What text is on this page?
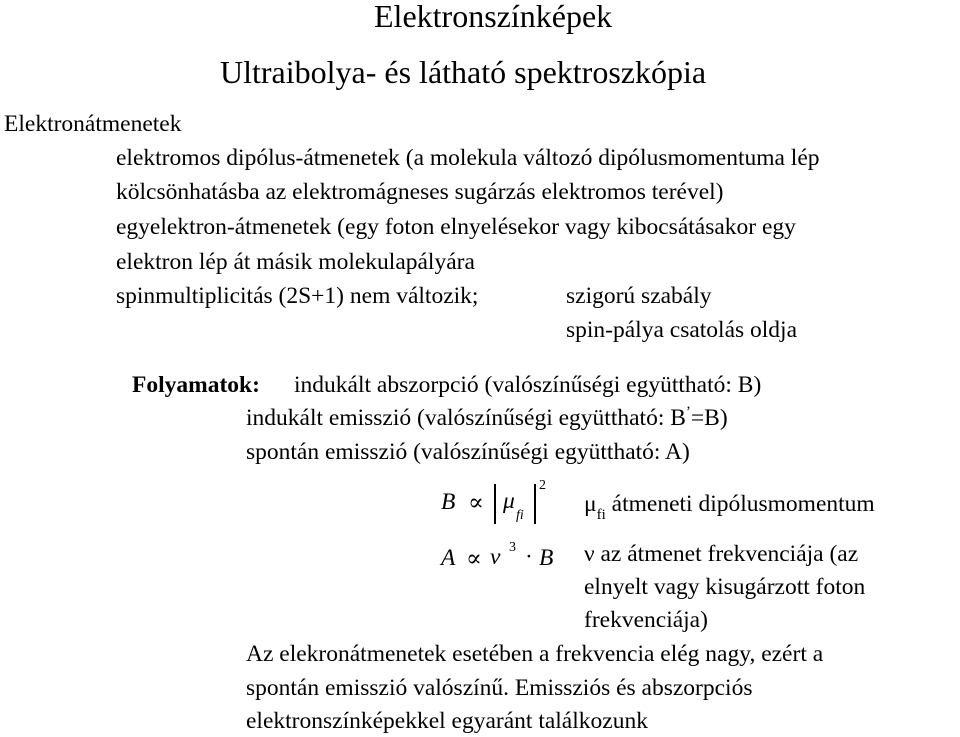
Elektronszínképek
Ultraibolya- és látható spektroszkópia
Elektronátmenetek
elektromos dipólus-átmenetek (a molekula változó dipólusmomentuma lép
kölcsönhatásba az elektromágneses sugárzás elektromos terével)
egyelektron-átmenetek (egy foton elnyelésekor vagy kibocsátásakor egy
elektron lép át másik molekulapályára
spinmultiplicitás (2S+1) nem változik;	szigorú szabály
spin-pálya csatolás oldja
Folyamatok: indukált abszorpció (valószínűségi együttható: B)
indukált emisszió (valószínűségi együttható: B’=B)
spontán emisszió (valószínűségi együttható: A)
B ∝ μ
fi
2
A ∝ ν 3 · B
$\mu_{fi}$ átmeneti dipólusmomentum
ν az átmenet frekvenciája (az
elnyelt vagy kisugárzott foton
frekvenciája)
Az elekronátmenetek esetében a frekvencia elég nagy, ezért a
spontán emisszió valószínű. Emissziós és abszorpciós
elektronszínképekkel egyaránt találkozunk
